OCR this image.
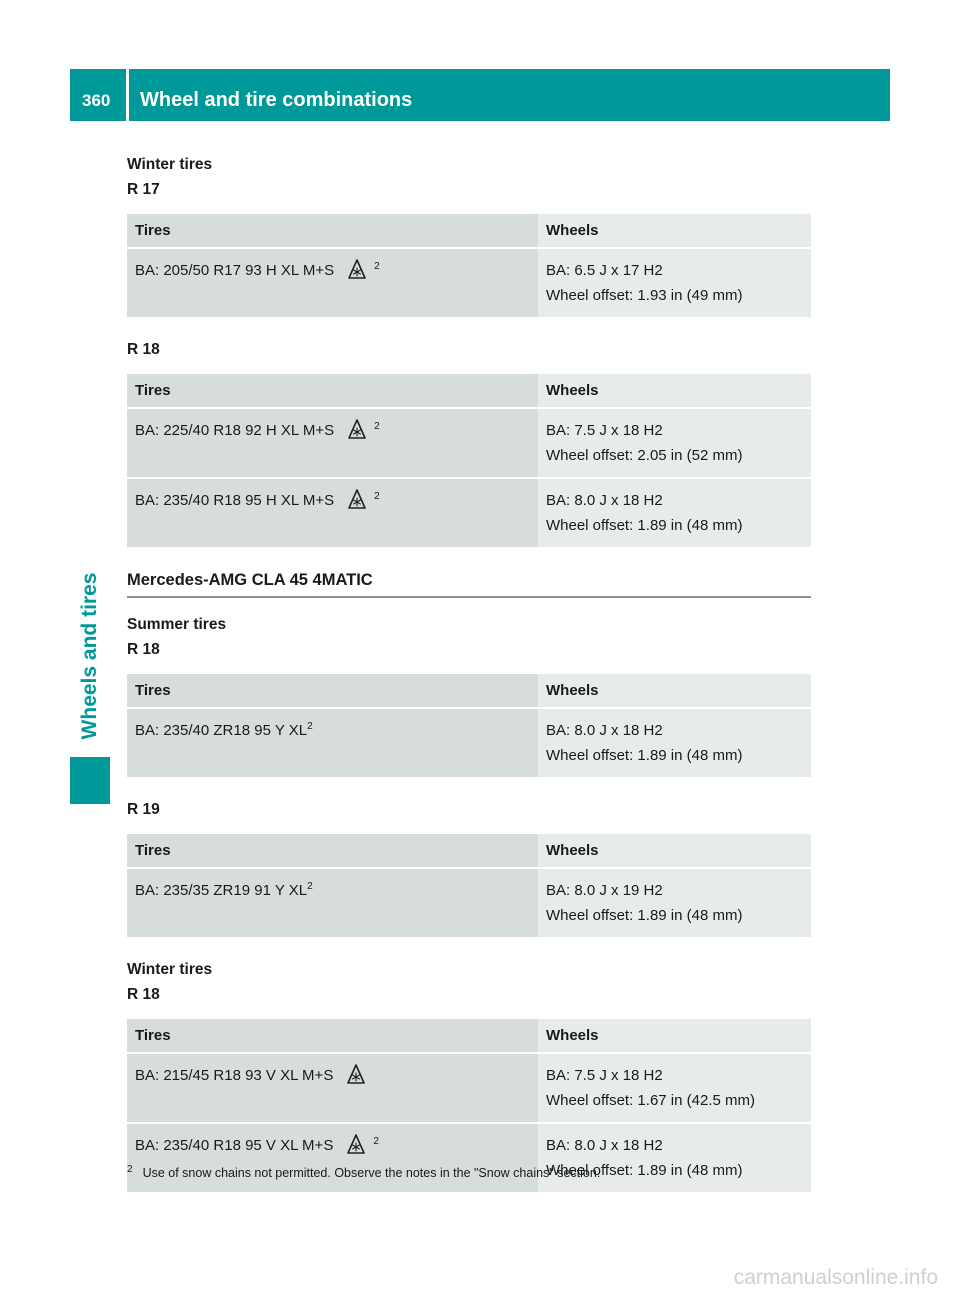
360 Wheel and tire combinations
Wheels and tires
Winter tires
R 17
Tires	Wheels
BA: 205/50 R17 93 H XL M+S $^2$	BA: 6.5 J x 17 H2
Wheel offset: 1.93 in (49 mm)
R 18
Tires	Wheels
BA: 225/40 R18 92 H XL M+S $^2$	BA: 7.5 J x 18 H2
Wheel offset: 2.05 in (52 mm)

BA: 235/40 R18 95 H XL M+S $^2$	BA: 8.0 J x 18 H2
Wheel offset: 1.89 in (48 mm)
Mercedes-AMG CLA 45 4MATIC
Summer tires
R 18
Tires	Wheels
BA: 235/40 ZR18 95 Y $XL^2$	BA: 8.0 J x 18 H2
Wheel offset: 1.89 in (48 mm)
R 19
Tires	Wheels
BA: 235/35 ZR19 91 Y $XL^2$	BA: 8.0 J x 19 H2
Wheel offset: 1.89 in (48 mm)
Winter tires
R 18
Tires	Wheels
BA: 215/45 R18 93 V XL M+S	BA: 7.5 J x 18 H2
Wheel offset: 1.67 in (42.5 mm)

BA: 235/40 R18 95 V XL M+S $^2$	BA: 8.0 J x 18 H2
Wheel offset: 1.89 in (48 mm)
$^2$ Use of snow chains not permitted. Observe the notes in the "Snow chains" section.
carmanualsonline.info
